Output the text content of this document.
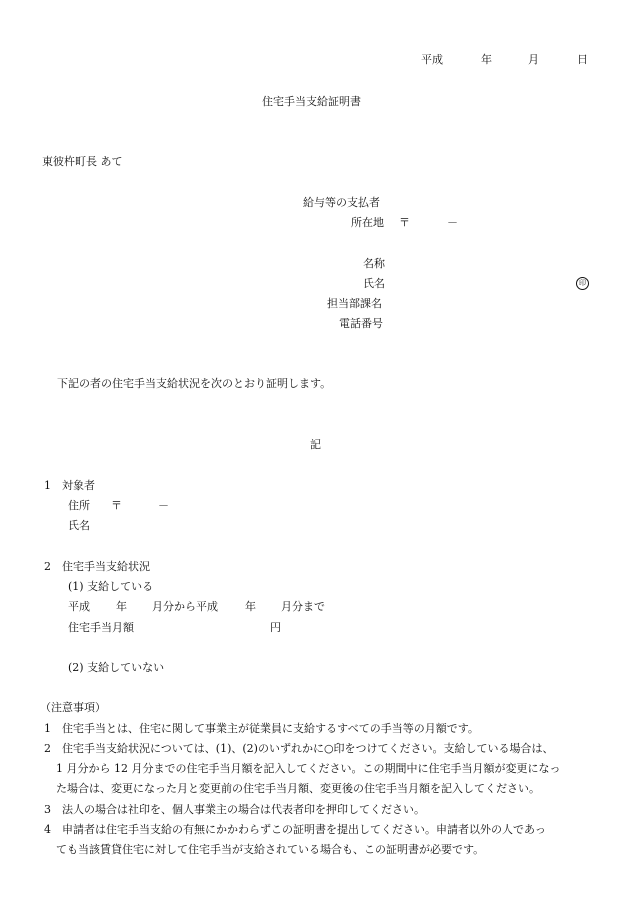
平成	年	月	日
住宅手当支給証明書
東彼杵町長 あて
給与等の支払者
所在地 〒	－
名称
氏名	印
担当部課名
電話番号
下記の者の住宅手当支給状況を次のとおり証明します。
記
1　対象者
住所 〒	－
氏名
2　住宅手当支給状況
(1) 支給している
平成 年 月分から平成 年 月分まで
住宅手当月額	円
(2) 支給していない
（注意事項）
1　住宅手当とは、住宅に関して事業主が従業員に支給するすべての手当等の月額です。
2　住宅手当支給状況については、(1)、(2)のいずれかに○印をつけてください。支給している場合は、
1 月分から 12 月分までの住宅手当月額を記入してください。この期間中に住宅手当月額が変更になっ
た場合は、変更になった月と変更前の住宅手当月額、変更後の住宅手当月額を記入してください。
3　法人の場合は社印を、個人事業主の場合は代表者印を押印してください。
4　申請者は住宅手当支給の有無にかかわらずこの証明書を提出してください。申請者以外の人であっ
ても当該賃貸住宅に対して住宅手当が支給されている場合も、この証明書が必要です。
